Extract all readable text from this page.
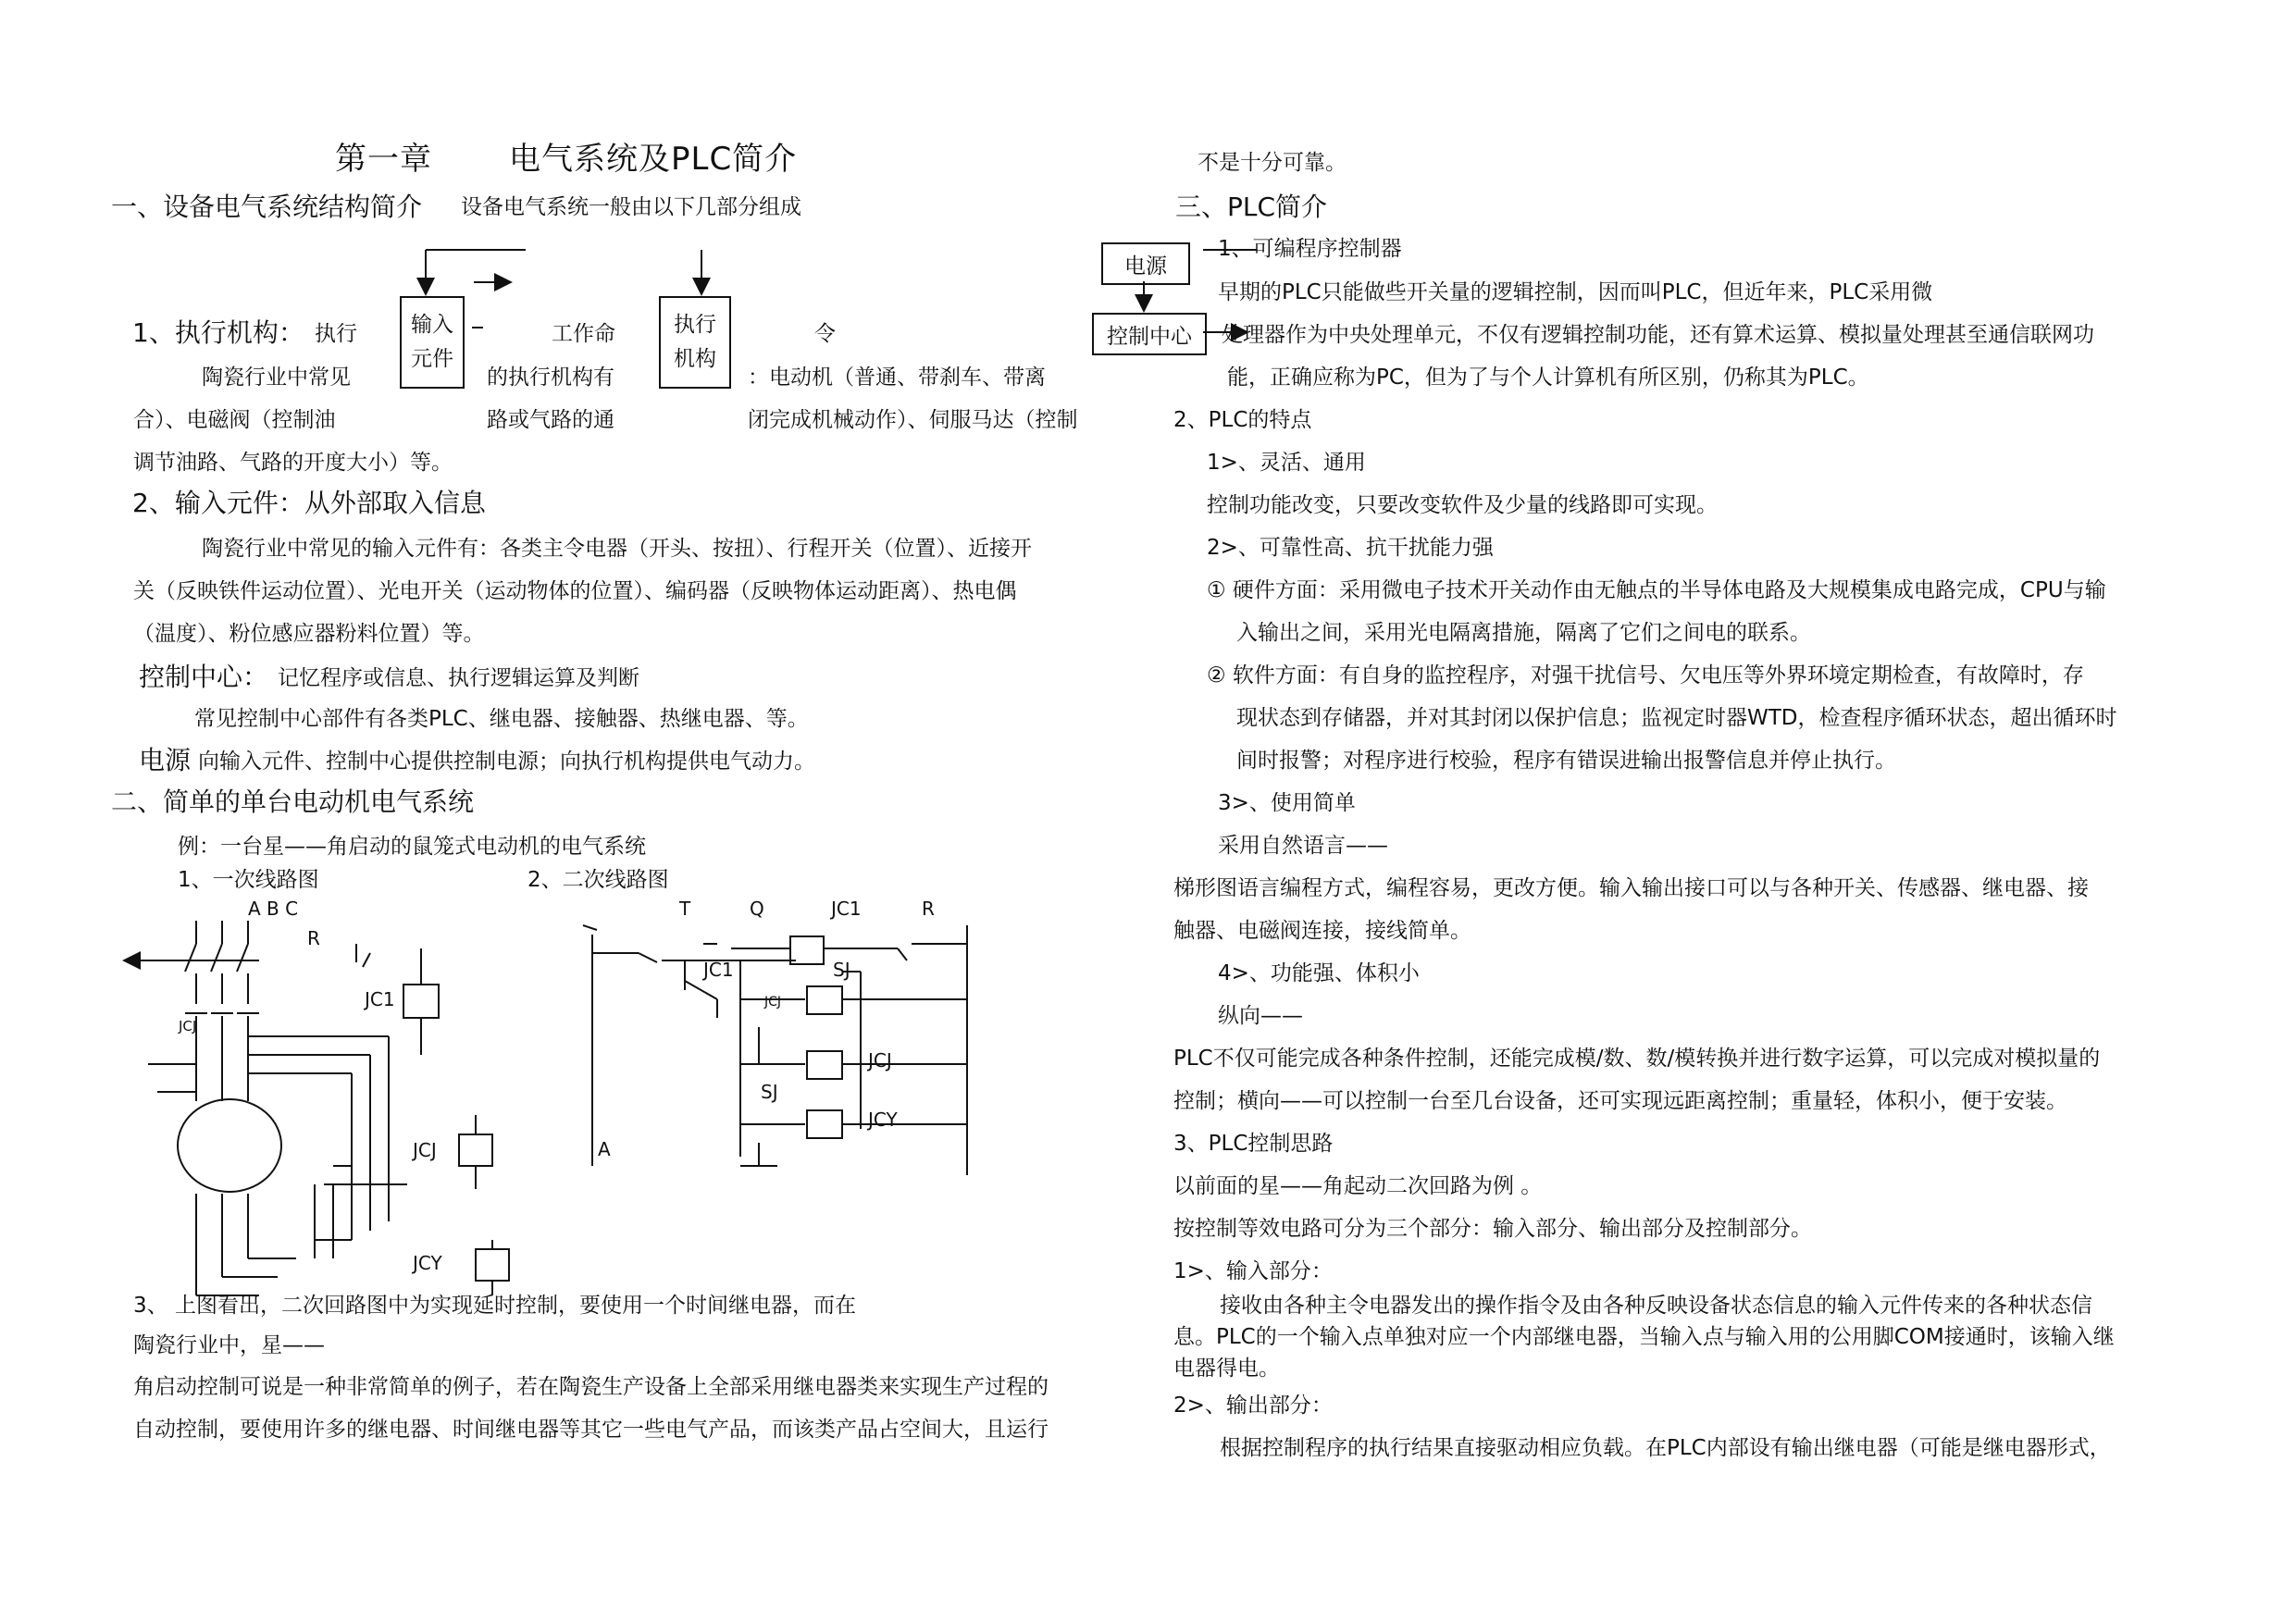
第一章 电气系统及PLC简介
一、设备电气系统结构简介 设备电气系统一般由以下几部分组成
输入
元件
执行
机构
1、执行机构： 执行	工作命	令
陶瓷行业中常见	的执行机构有	：电动机（普通、带刹车、带离
合）、电磁阀（控制油	路或气路的通	闭完成机械动作）、伺服马达（控制
调节油路、气路的开度大小）等。
2、输入元件：从外部取入信息
陶瓷行业中常见的输入元件有：各类主令电器（开头、按扭）、行程开关（位置）、近接开
关（反映铁件运动位置）、光电开关（运动物体的位置）、编码器（反映物体运动距离）、热电偶
（温度）、粉位感应器粉料位置）等。
控制中心： 记忆程序或信息、执行逻辑运算及判断
常见控制中心部件有各类PLC、继电器、接触器、热继电器、等。
电源 向输入元件、控制中心提供控制电源；向执行机构提供电气动力。
二、简单的单台电动机电气系统
例：一台星——角启动的鼠笼式电动机的电气系统
1、一次线路图	2、二次线路图
A B C
R
JC1
JCJ
JCJ
JCY
T	Q	JC1	R
JC1	SJ
JCJ
SJ
JCJ
JCY
A
3、 上图看出，二次回路图中为实现延时控制，要使用一个时间继电器，而在
陶瓷行业中，星——
角启动控制可说是一种非常简单的例子，若在陶瓷生产设备上全部采用继电器类来实现生产过程的
自动控制，要使用许多的继电器、时间继电器等其它一些电气产品，而该类产品占空间大，且运行
不是十分可靠。
三、PLC简介
电源
控制中心
1、可编程序控制器
早期的PLC只能做些开关量的逻辑控制，因而叫PLC，但近年来，PLC采用微
处理器作为中央处理单元，不仅有逻辑控制功能，还有算术运算、模拟量处理甚至通信联网功
能，正确应称为PC，但为了与个人计算机有所区别，仍称其为PLC。
2、PLC的特点
1>、灵活、通用
控制功能改变，只要改变软件及少量的线路即可实现。
2>、可靠性高、抗干扰能力强
① 硬件方面：采用微电子技术开关动作由无触点的半导体电路及大规模集成电路完成，CPU与输
入输出之间，采用光电隔离措施，隔离了它们之间电的联系。
② 软件方面：有自身的监控程序，对强干扰信号、欠电压等外界环境定期检查，有故障时，存
现状态到存储器，并对其封闭以保护信息；监视定时器WTD，检查程序循环状态，超出循环时
间时报警；对程序进行校验，程序有错误进输出报警信息并停止执行。
3>、使用简单
采用自然语言——
梯形图语言编程方式，编程容易，更改方便。输入输出接口可以与各种开关、传感器、继电器、接
触器、电磁阀连接，接线简单。
4>、功能强、体积小
纵向——
PLC不仅可能完成各种条件控制，还能完成模/数、数/模转换并进行数字运算，可以完成对模拟量的
控制；横向——可以控制一台至几台设备，还可实现远距离控制；重量轻，体积小，便于安装。
3、PLC控制思路
以前面的星——角起动二次回路为例 。
按控制等效电路可分为三个部分：输入部分、输出部分及控制部分。
1>、输入部分：
接收由各种主令电器发出的操作指令及由各种反映设备状态信息的输入元件传来的各种状态信
息。PLC的一个输入点单独对应一个内部继电器，当输入点与输入用的公用脚COM接通时，该输入继
电器得电。
2>、输出部分：
根据控制程序的执行结果直接驱动相应负载。在PLC内部设有输出继电器（可能是继电器形式，
